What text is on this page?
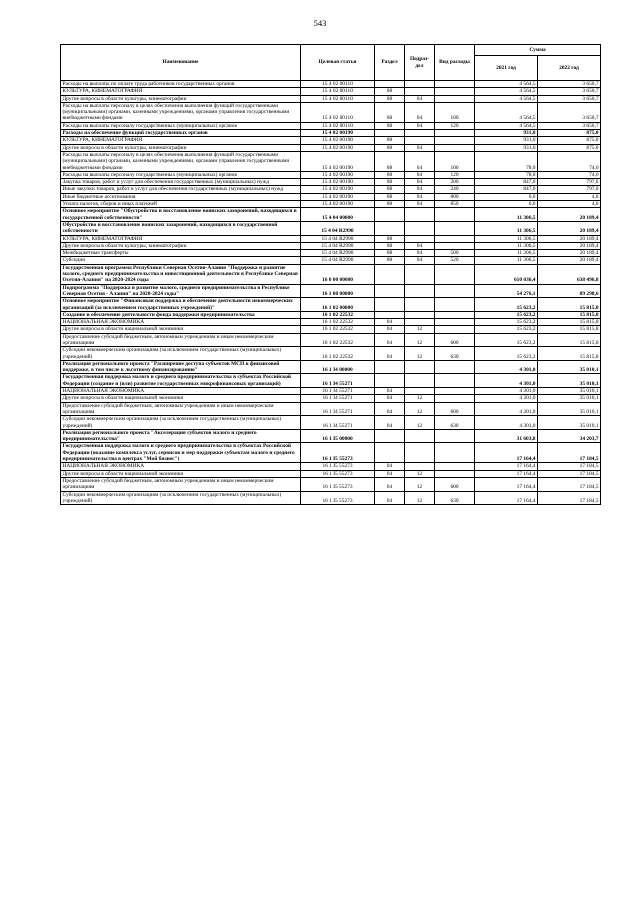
543
Наименование	Целевая статья	Раздел	Подраз-дел	Вид расходы	Сумма	
					2021 год	2022 год
Расходы на выплаты по оплате труда работников государственных органов	15 4 02 00110				4 564,5	3 650,7
КУЛЬТУРА, КИНЕМАТОГРАФИЯ	15 4 02 00110	08			4 564,5	3 650,7
Другие вопросы в области культуры, кинематографии	15 4 02 00110	08	04		4 564,5	3 650,7
Расходы на выплаты персоналу в целях обеспечения выполнения функций государственными (муниципальными) органами, казенными учреждениями, органами управления государственными внебюджетными фондами	15 4 02 00110	08	04	100	4 564,5	3 650,7
Расходы на выплаты персоналу государственных (муниципальных) органов	15 4 02 00110	08	04	120	4 564,5	3 650,7
Расходы на обеспечение функций государственных органов	15 4 02 00190				931,0	875,0
КУЛЬТУРА, КИНЕМАТОГРАФИЯ	15 4 02 00190	08			931,0	875,0
Другие вопросы в области культуры, кинематографии	15 4 02 00190	08	04		931,0	875,0
Расходы на выплаты персоналу в целях обеспечения выполнения функций государственными (муниципальными) органами, казенными учреждениями, органами управления государственными внебюджетными фондами	15 4 02 00190	08	04	100	78,0	74,0
Расходы на выплаты персоналу государственных (муниципальных) органов	15 4 02 00190	08	04	120	78,0	74,0
Закупка товаров, работ и услуг для обеспечения государственных (муниципальных) нужд	15 4 02 00190	08	04	200	847,0	797,0
Иные закупки товаров, работ и услуг для обеспечения государственных (муниципальных) нужд	15 4 02 00190	08	04	240	847,0	797,0
Иные бюджетные ассигнования	15 4 02 00190	08	04	800	6,0	4,0
Уплата налогов, сборов и иных платежей	15 4 02 00190	08	04	850	6,0	4,0
Основное мероприятие "Обустройство и восстановление воинских захоронений, находящихся в государственной собственности"	15 4 04 00000				11 306,5	20 189,4
Обустройство и восстановление воинских захоронений, находящихся в государственной собственности	15 4 04 R2990				11 306,5	20 189,4
КУЛЬТУРА, КИНЕМАТОГРАФИЯ	15 4 04 R2990	08			11 306,5	20 189,4
Другие вопросы в области культуры, кинематографии	15 4 04 R2990	08	04		11 306,5	20 189,4
Межбюджетные трансферты	15 4 04 R2990	08	04	500	11 306,5	20 189,4
Субсидии	15 4 04 R2990	08	04	520	11 306,5	20 189,4
Государственная программа Республики Северная Осетия-Алания "Поддержка и развитие малого, среднего предпринимательства и инвестиционной деятельности в Республике Северная Осетия-Алания" на 2020-2024 годы	16 0 00 00000				610 036,4	638 496,8
Подпрограмма "Поддержка и развитие малого, среднего предпринимательства в Республике Северная Осетия - Алания" на 2020-2024 годы"	16 1 00 00000				54 276,1	89 298,6
Основное мероприятие "Финансовая поддержка и обеспечение деятельности некоммерческих организаций (за исключением государственных учреждений)"	16 1 02 00000				15 623,2	15 815,8
Создание и обеспечение деятельности фонда поддержки предпринимательства	16 1 02 22532				15 623,2	15 815,8
НАЦИОНАЛЬНАЯ ЭКОНОМИКА	16 1 02 22532	04			15 623,2	15 815,8
Другие вопросы в области национальной экономики	16 1 02 22532	04	12		15 623,2	15 815,8
Предоставление субсидий бюджетным, автономным учреждениям и иным некоммерческим организациям	16 1 02 22532	04	12	600	15 623,2	15 815,8
Субсидии некоммерческим организациям (за исключением государственных (муниципальных) учреждений)	16 1 02 22532	04	12	630	15 623,2	15 815,8
Реализация регионального проекта "Расширение доступа субъектов МСП к финансовой поддержке, в том числе к льготному финансированию"	16 1 I4 00000				4 301,0	35 010,1
Государственная поддержка малого и среднего предпринимательства в субъектах Российской Федерации (создание и (или) развитие государственных микрофинансовых организаций)	16 1 I4 55271				4 301,0	35 010,1
НАЦИОНАЛЬНАЯ ЭКОНОМИКА	16 1 I4 55271	04			4 301,0	35 010,1
Другие вопросы в области национальной экономики	16 1 I4 55271	04	12		4 301,0	35 010,1
Предоставление субсидий бюджетным, автономным учреждениям и иным некоммерческим организациям	16 1 I4 55271	04	12	600	4 301,0	35 010,1
Субсидии некоммерческим организациям (за исключением государственных (муниципальных) учреждений)	16 1 I4 55271	04	12	630	4 301,0	35 010,1
Реализация регионального проекта "Акселерация субъектов малого и среднего предпринимательства"	16 1 I5 00000				31 603,8	34 203,7
Государственная поддержка малого и среднего предпринимательства в субъектах Российской Федерации (оказание комплекса услуг, сервисов и мер поддержки субъектам малого и среднего предпринимательства в центрах "Мой бизнес")	16 1 I5 55273				17 164,4	17 184,5
НАЦИОНАЛЬНАЯ ЭКОНОМИКА	16 1 I5 55273	04			17 164,4	17 184,5
Другие вопросы в области национальной экономики	16 1 I5 55273	04	12		17 164,4	17 184,5
Предоставление субсидий бюджетным, автономным учреждениям и иным некоммерческим организациям	16 1 I5 55273	04	12	600	17 164,4	17 184,5
Субсидии некоммерческим организациям (за исключением государственных (муниципальных) учреждений)	16 1 I5 55273	04	12	630	17 164,4	17 184,5
